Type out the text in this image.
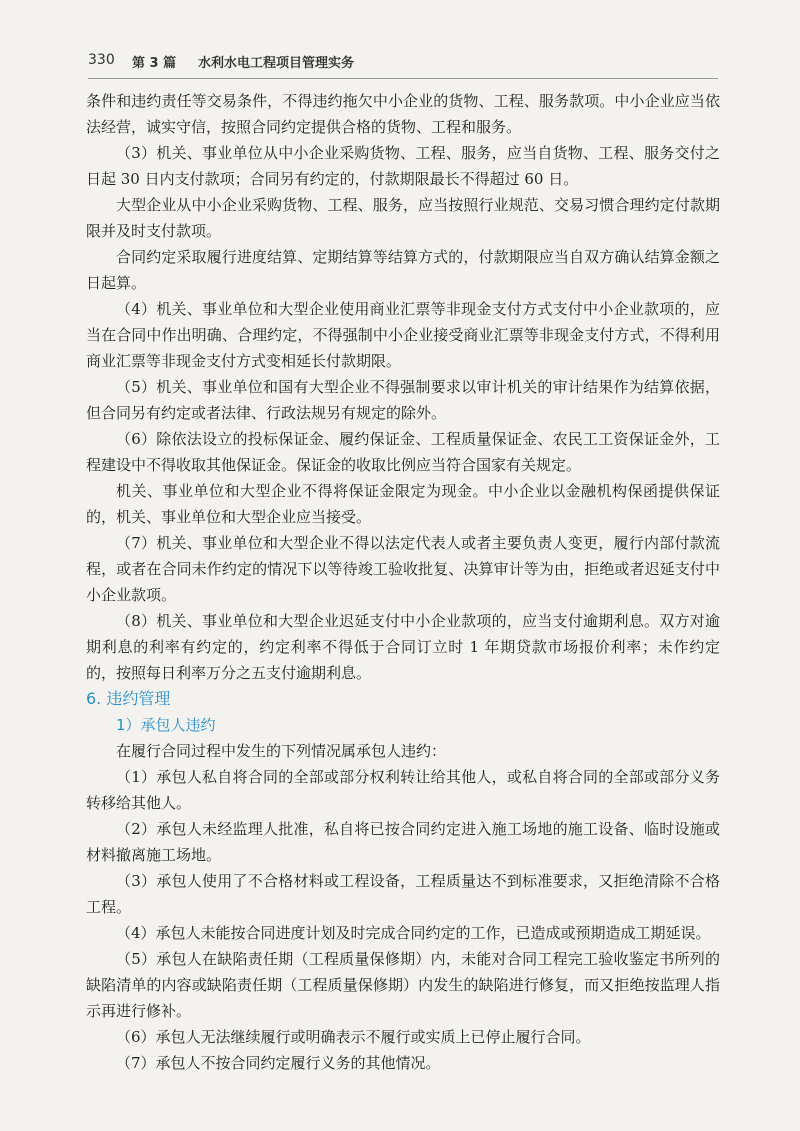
330 第 3 篇 水利水电工程项目管理实务

条件和违约责任等交易条件，不得违约拖欠中小企业的货物、工程、服务款项。中小企业应当依法经营，诚实守信，按照合同约定提供合格的货物、工程和服务。

（3）机关、事业单位从中小企业采购货物、工程、服务，应当自货物、工程、服务交付之日起 30 日内支付款项；合同另有约定的，付款期限最长不得超过 60 日。

大型企业从中小企业采购货物、工程、服务，应当按照行业规范、交易习惯合理约定付款期限并及时支付款项。

合同约定采取履行进度结算、定期结算等结算方式的，付款期限应当自双方确认结算金额之日起算。

（4）机关、事业单位和大型企业使用商业汇票等非现金支付方式支付中小企业款项的，应当在合同中作出明确、合理约定，不得强制中小企业接受商业汇票等非现金支付方式，不得利用商业汇票等非现金支付方式变相延长付款期限。

（5）机关、事业单位和国有大型企业不得强制要求以审计机关的审计结果作为结算依据，但合同另有约定或者法律、行政法规另有规定的除外。

（6）除依法设立的投标保证金、履约保证金、工程质量保证金、农民工工资保证金外，工程建设中不得收取其他保证金。保证金的收取比例应当符合国家有关规定。

机关、事业单位和大型企业不得将保证金限定为现金。中小企业以金融机构保函提供保证的，机关、事业单位和大型企业应当接受。

（7）机关、事业单位和大型企业不得以法定代表人或者主要负责人变更，履行内部付款流程，或者在合同未作约定的情况下以等待竣工验收批复、决算审计等为由，拒绝或者迟延支付中小企业款项。

（8）机关、事业单位和大型企业迟延支付中小企业款项的，应当支付逾期利息。双方对逾期利息的利率有约定的，约定利率不得低于合同订立时 1 年期贷款市场报价利率；未作约定的，按照每日利率万分之五支付逾期利息。

6. 违约管理

1）承包人违约

在履行合同过程中发生的下列情况属承包人违约：

（1）承包人私自将合同的全部或部分权利转让给其他人，或私自将合同的全部或部分义务转移给其他人。

（2）承包人未经监理人批准，私自将已按合同约定进入施工场地的施工设备、临时设施或材料撤离施工场地。

（3）承包人使用了不合格材料或工程设备，工程质量达不到标准要求，又拒绝清除不合格工程。

（4）承包人未能按合同进度计划及时完成合同约定的工作，已造成或预期造成工期延误。

（5）承包人在缺陷责任期（工程质量保修期）内，未能对合同工程完工验收鉴定书所列的缺陷清单的内容或缺陷责任期（工程质量保修期）内发生的缺陷进行修复，而又拒绝按监理人指示再进行修补。

（6）承包人无法继续履行或明确表示不履行或实质上已停止履行合同。

（7）承包人不按合同约定履行义务的其他情况。
